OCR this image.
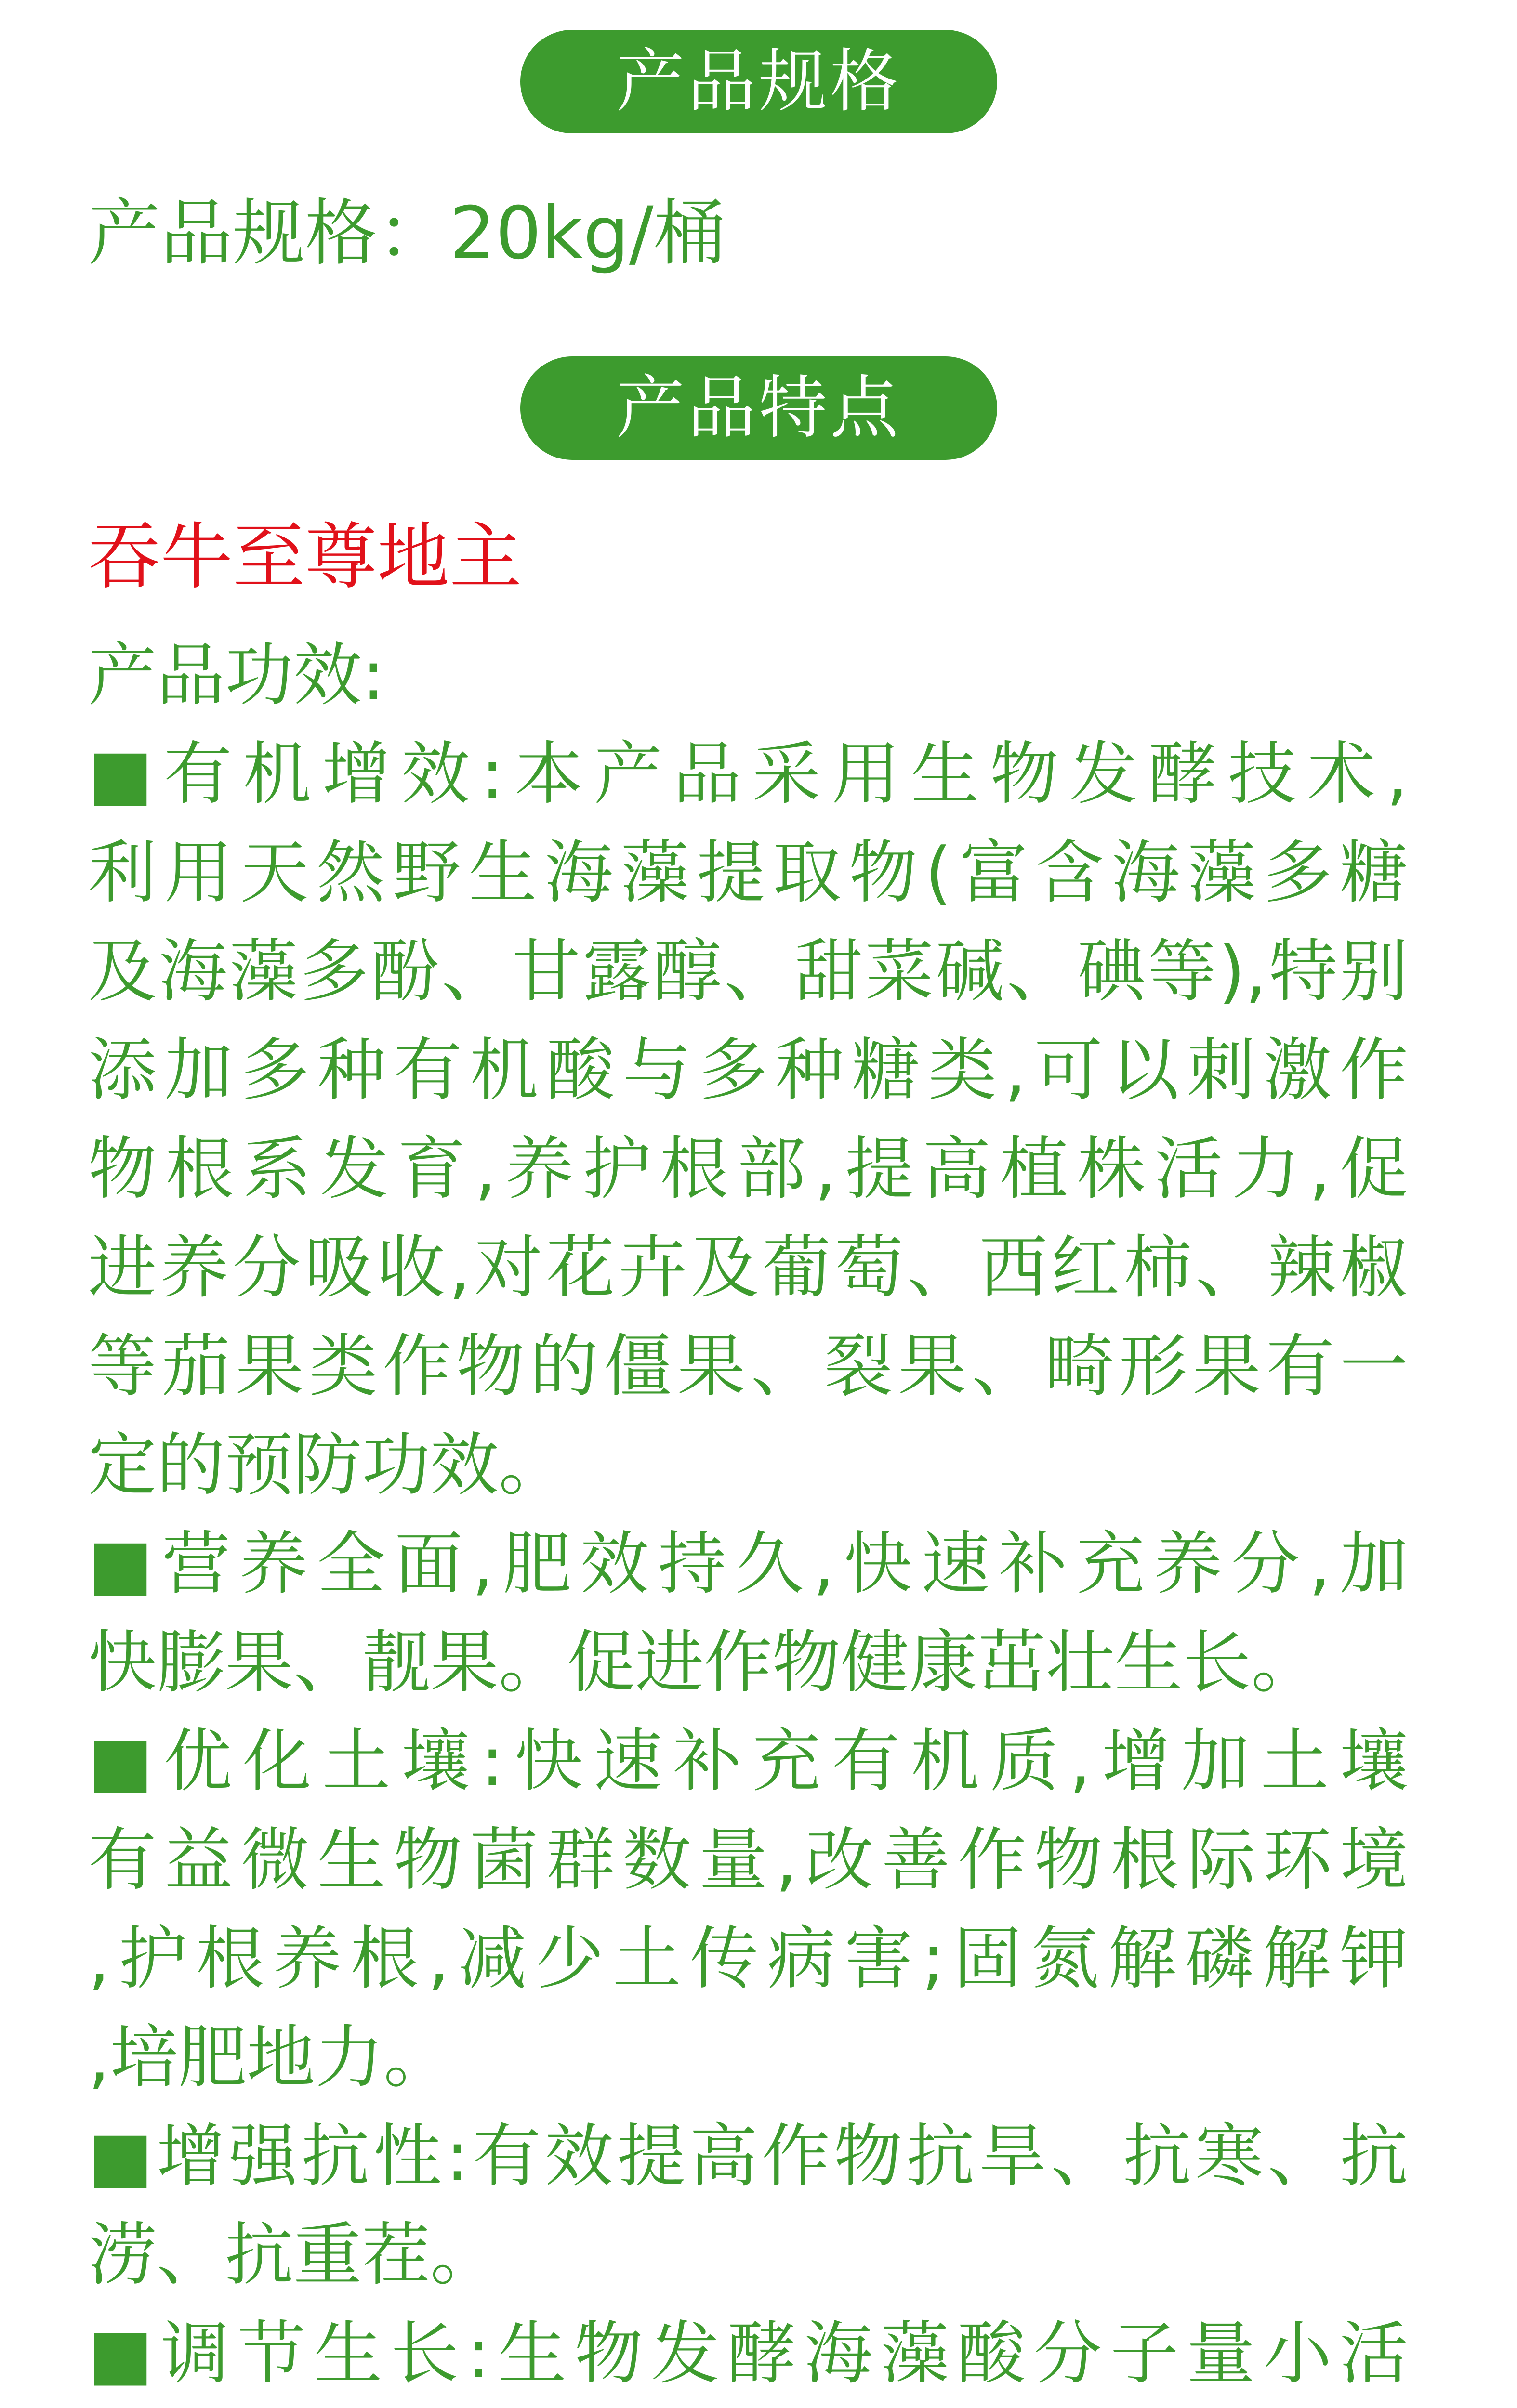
产品规格
产品规格：20kg/桶
产品特点
吞牛至尊地主
产品功效:
■有机增效:本产品采用生物发酵技术,
利用天然野生海藻提取物(富含海藻多糖
及海藻多酚、甘露醇、甜菜碱、碘等),特别
添加多种有机酸与多种糖类,可以刺激作
物根系发育,养护根部,提高植株活力,促
进养分吸收,对花卉及葡萄、西红柿、辣椒
等茄果类作物的僵果、裂果、畸形果有一
定的预防功效。
■营养全面,肥效持久,快速补充养分,加
快膨果、靓果。促进作物健康茁壮生长。
■优化土壤:快速补充有机质,增加土壤
有益微生物菌群数量,改善作物根际环境
,护根养根,减少土传病害;固氮解磷解钾
,培肥地力。
■增强抗性:有效提高作物抗旱、抗寒、抗
涝、抗重茬。
■调节生长:生物发酵海藻酸分子量小活
